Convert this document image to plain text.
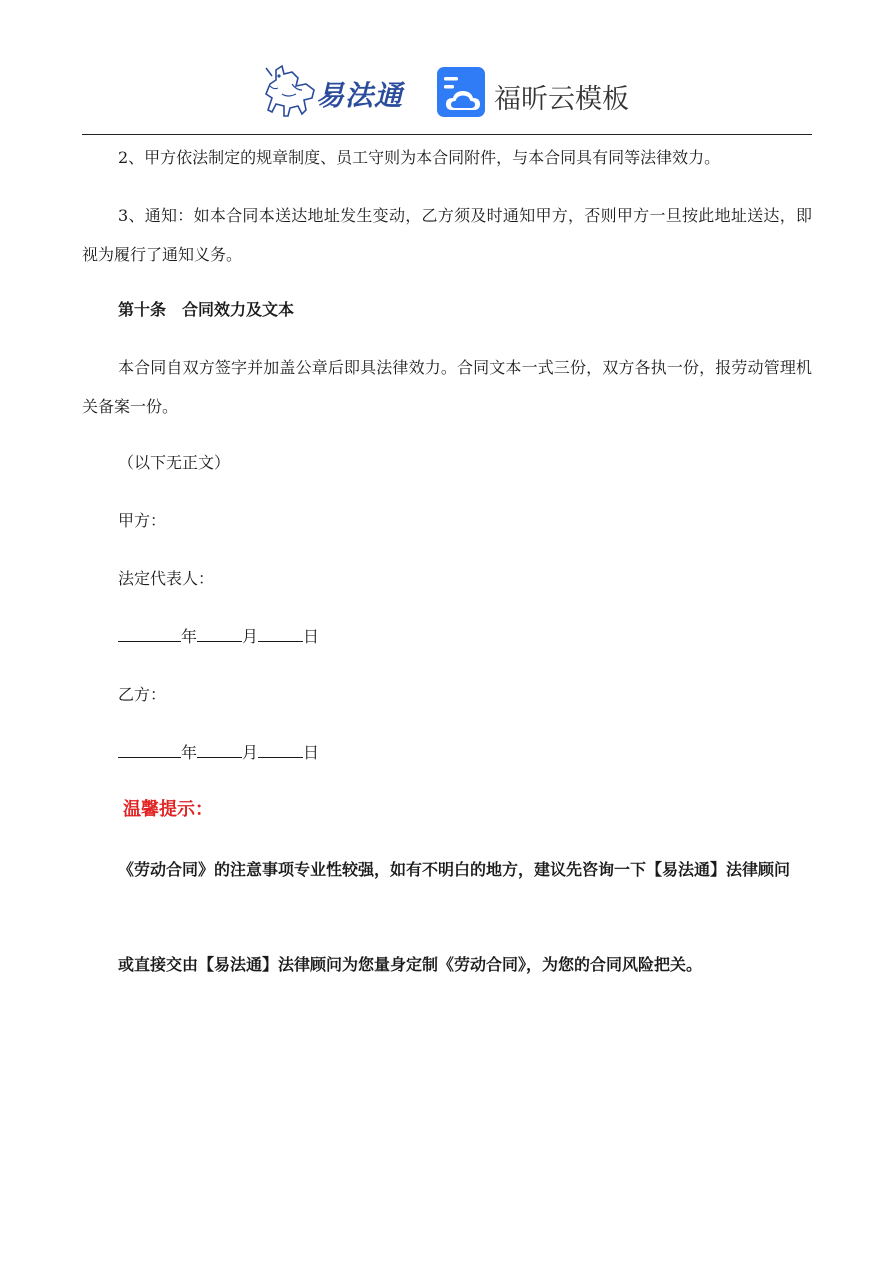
易法通	福昕云模板

2、甲方依法制定的规章制度、员工守则为本合同附件，与本合同具有同等法律效力。

3、通知：如本合同本送达地址发生变动，乙方须及时通知甲方，否则甲方一旦按此地址送达，即视为履行了通知义务。

第十条　合同效力及文本

本合同自双方签字并加盖公章后即具法律效力。合同文本一式三份，双方各执一份，报劳动管理机关备案一份。

（以下无正文）

甲方：

法定代表人：

年	月	日

乙方：

年	月	日

温馨提示：

《劳动合同》的注意事项专业性较强，如有不明白的地方，建议先咨询一下【易法通】法律顾问

或直接交由【易法通】法律顾问为您量身定制《劳动合同》，为您的合同风险把关。
